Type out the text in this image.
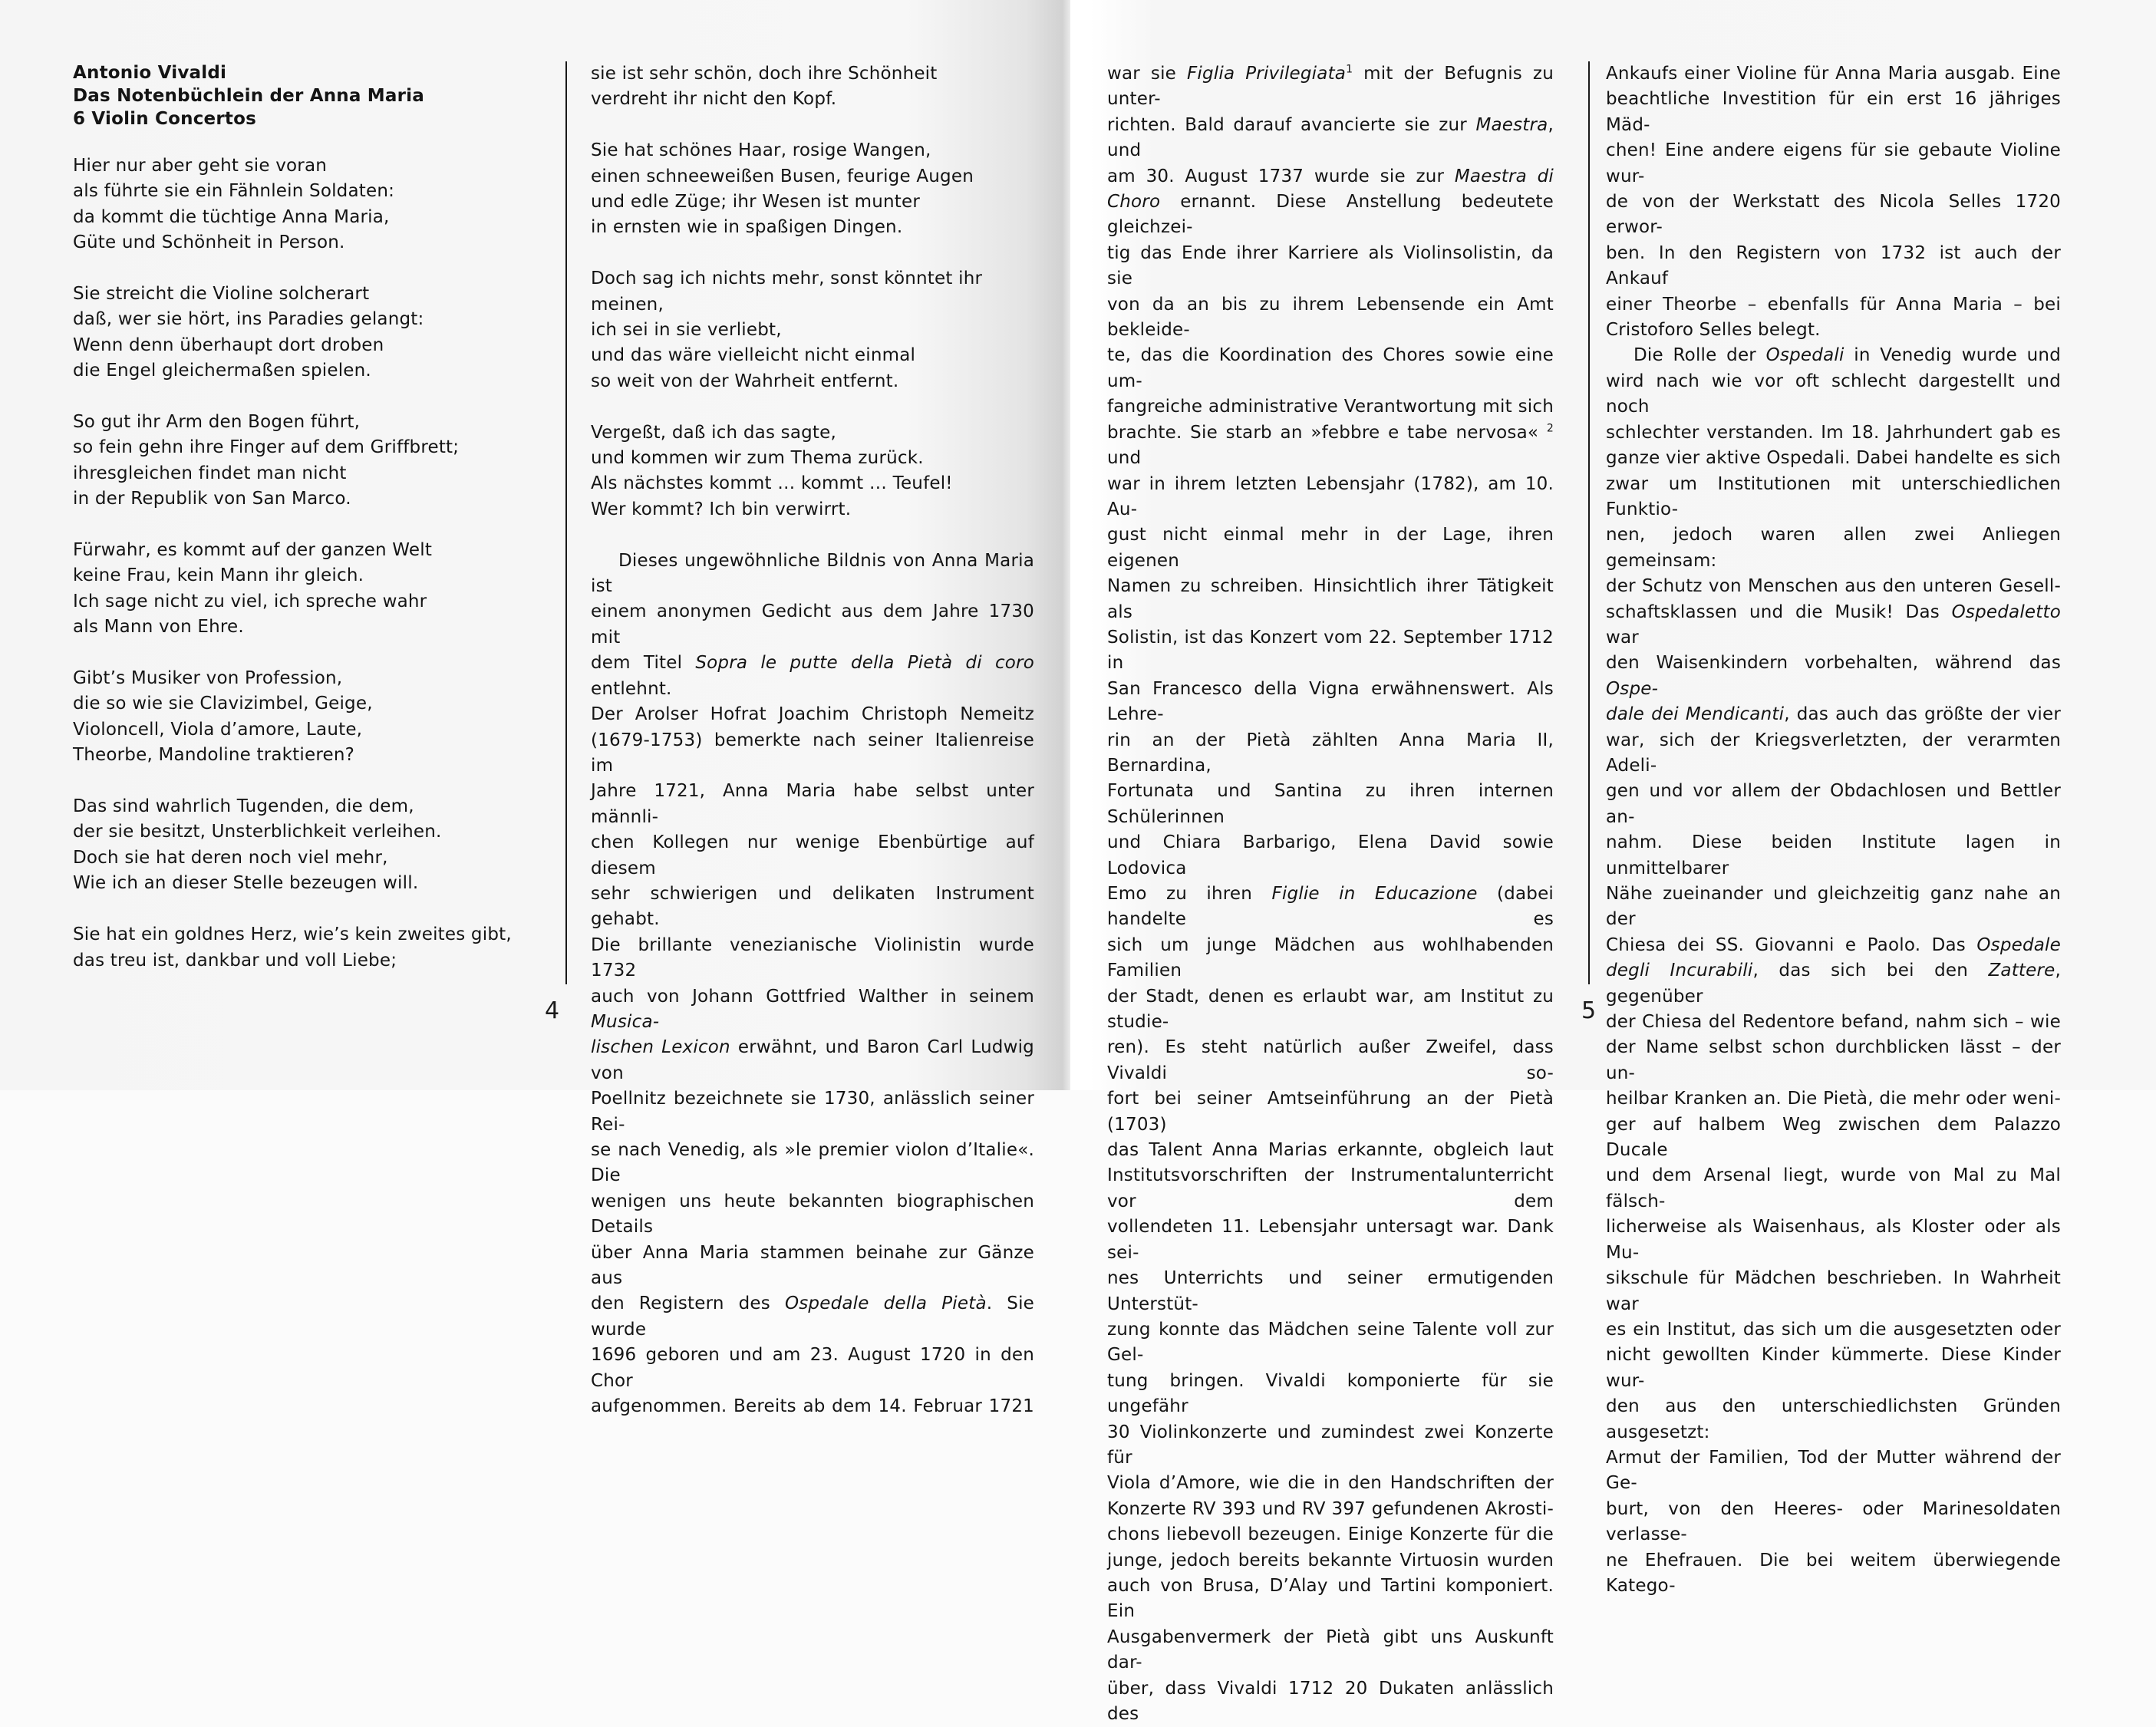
Antonio Vivaldi
Das Notenbüchlein der Anna Maria
6 Violin Concertos

Hier nur aber geht sie voran

als führte sie ein Fähnlein Soldaten:

da kommt die tüchtige Anna Maria,

Güte und Schönheit in Person.

Sie streicht die Violine solcherart

daß, wer sie hört, ins Paradies gelangt:

Wenn denn überhaupt dort droben

die Engel gleichermaßen spielen.

So gut ihr Arm den Bogen führt,

so fein gehn ihre Finger auf dem Griffbrett;

ihresgleichen findet man nicht

in der Republik von San Marco.

Fürwahr, es kommt auf der ganzen Welt

keine Frau, kein Mann ihr gleich.

Ich sage nicht zu viel, ich spreche wahr

als Mann von Ehre.

Gibt’s Musiker von Profession,

die so wie sie Clavizimbel, Geige,

Violoncell, Viola d’amore, Laute,

Theorbe, Mandoline traktieren?

Das sind wahrlich Tugenden, die dem,

der sie besitzt, Unsterblichkeit verleihen.

Doch sie hat deren noch viel mehr,

Wie ich an dieser Stelle bezeugen will.

Sie hat ein goldnes Herz, wie’s kein zweites gibt,

das treu ist, dankbar und voll Liebe;

sie ist sehr schön, doch ihre Schönheit

verdreht ihr nicht den Kopf.

Sie hat schönes Haar, rosige Wangen,

einen schneeweißen Busen, feurige Augen

und edle Züge; ihr Wesen ist munter

in ernsten wie in spaßigen Dingen.

Doch sag ich nichts mehr, sonst könntet ihr meinen,

ich sei in sie verliebt,

und das wäre vielleicht nicht einmal

so weit von der Wahrheit entfernt.

Vergeßt, daß ich das sagte,

und kommen wir zum Thema zurück.

Als nächstes kommt … kommt … Teufel!

Wer kommt? Ich bin verwirrt.

Dieses ungewöhnliche Bildnis von Anna Maria ist

einem anonymen Gedicht aus dem Jahre 1730 mit

dem Titel Sopra le putte della Pietà di coro entlehnt.

Der Arolser Hofrat Joachim Christoph Nemeitz

(1679-1753) bemerkte nach seiner Italienreise im

Jahre 1721, Anna Maria habe selbst unter männli-

chen Kollegen nur wenige Ebenbürtige auf diesem

sehr schwierigen und delikaten Instrument gehabt.

Die brillante venezianische Violinistin wurde 1732

auch von Johann Gottfried Walther in seinem Musica-

lischen Lexicon erwähnt, und Baron Carl Ludwig von

Poellnitz bezeichnete sie 1730, anlässlich seiner Rei-

se nach Venedig, als »le premier violon d’Italie«. Die

wenigen uns heute bekannten biographischen Details

über Anna Maria stammen beinahe zur Gänze aus

den Registern des Ospedale della Pietà. Sie wurde

1696 geboren und am 23. August 1720 in den Chor

aufgenommen. Bereits ab dem 14. Februar 1721

4

war sie Figlia Privilegiata$^1$ mit der Befugnis zu unter-

richten. Bald darauf avancierte sie zur Maestra, und

am 30. August 1737 wurde sie zur Maestra di

Choro ernannt. Diese Anstellung bedeutete gleichzei-

tig das Ende ihrer Karriere als Violinsolistin, da sie

von da an bis zu ihrem Lebensende ein Amt bekleide-

te, das die Koordination des Chores sowie eine um-

fangreiche administrative Verantwortung mit sich

brachte. Sie starb an »febbre e tabe nervosa« $^2$ und

war in ihrem letzten Lebensjahr (1782), am 10. Au-

gust nicht einmal mehr in der Lage, ihren eigenen

Namen zu schreiben. Hinsichtlich ihrer Tätigkeit als

Solistin, ist das Konzert vom 22. September 1712 in

San Francesco della Vigna erwähnenswert. Als Lehre-

rin an der Pietà zählten Anna Maria II, Bernardina,

Fortunata und Santina zu ihren internen Schülerinnen

und Chiara Barbarigo, Elena David sowie Lodovica

Emo zu ihren Figlie in Educazione (dabei handelte es

sich um junge Mädchen aus wohlhabenden Familien

der Stadt, denen es erlaubt war, am Institut zu studie-

ren). Es steht natürlich außer Zweifel, dass Vivaldi so-

fort bei seiner Amtseinführung an der Pietà (1703)

das Talent Anna Marias erkannte, obgleich laut

Institutsvorschriften der Instrumentalunterricht vor dem

vollendeten 11. Lebensjahr untersagt war. Dank sei-

nes Unterrichts und seiner ermutigenden Unterstüt-

zung konnte das Mädchen seine Talente voll zur Gel-

tung bringen. Vivaldi komponierte für sie ungefähr

30 Violinkonzerte und zumindest zwei Konzerte für

Viola d’Amore, wie die in den Handschriften der

Konzerte RV 393 und RV 397 gefundenen Akrosti-

chons liebevoll bezeugen. Einige Konzerte für die

junge, jedoch bereits bekannte Virtuosin wurden

auch von Brusa, D’Alay und Tartini komponiert. Ein

Ausgabenvermerk der Pietà gibt uns Auskunft dar-

über, dass Vivaldi 1712 20 Dukaten anlässlich des

Ankaufs einer Violine für Anna Maria ausgab. Eine

beachtliche Investition für ein erst 16 jähriges Mäd-

chen! Eine andere eigens für sie gebaute Violine wur-

de von der Werkstatt des Nicola Selles 1720 erwor-

ben. In den Registern von 1732 ist auch der Ankauf

einer Theorbe – ebenfalls für Anna Maria – bei

Cristoforo Selles belegt.

Die Rolle der Ospedali in Venedig wurde und

wird nach wie vor oft schlecht dargestellt und noch

schlechter verstanden. Im 18. Jahrhundert gab es

ganze vier aktive Ospedali. Dabei handelte es sich

zwar um Institutionen mit unterschiedlichen Funktio-

nen, jedoch waren allen zwei Anliegen gemeinsam:

der Schutz von Menschen aus den unteren Gesell-

schaftsklassen und die Musik! Das Ospedaletto war

den Waisenkindern vorbehalten, während das Ospe-

dale dei Mendicanti, das auch das größte der vier

war, sich der Kriegsverletzten, der verarmten Adeli-

gen und vor allem der Obdachlosen und Bettler an-

nahm. Diese beiden Institute lagen in unmittelbarer

Nähe zueinander und gleichzeitig ganz nahe an der

Chiesa dei SS. Giovanni e Paolo. Das Ospedale

degli Incurabili, das sich bei den Zattere, gegenüber

der Chiesa del Redentore befand, nahm sich – wie

der Name selbst schon durchblicken lässt – der un-

heilbar Kranken an. Die Pietà, die mehr oder weni-

ger auf halbem Weg zwischen dem Palazzo Ducale

und dem Arsenal liegt, wurde von Mal zu Mal fälsch-

licherweise als Waisenhaus, als Kloster oder als Mu-

sikschule für Mädchen beschrieben. In Wahrheit war

es ein Institut, das sich um die ausgesetzten oder

nicht gewollten Kinder kümmerte. Diese Kinder wur-

den aus den unterschiedlichsten Gründen ausgesetzt:

Armut der Familien, Tod der Mutter während der Ge-

burt, von den Heeres- oder Marinesoldaten verlasse-

ne Ehefrauen. Die bei weitem überwiegende Katego-

5
